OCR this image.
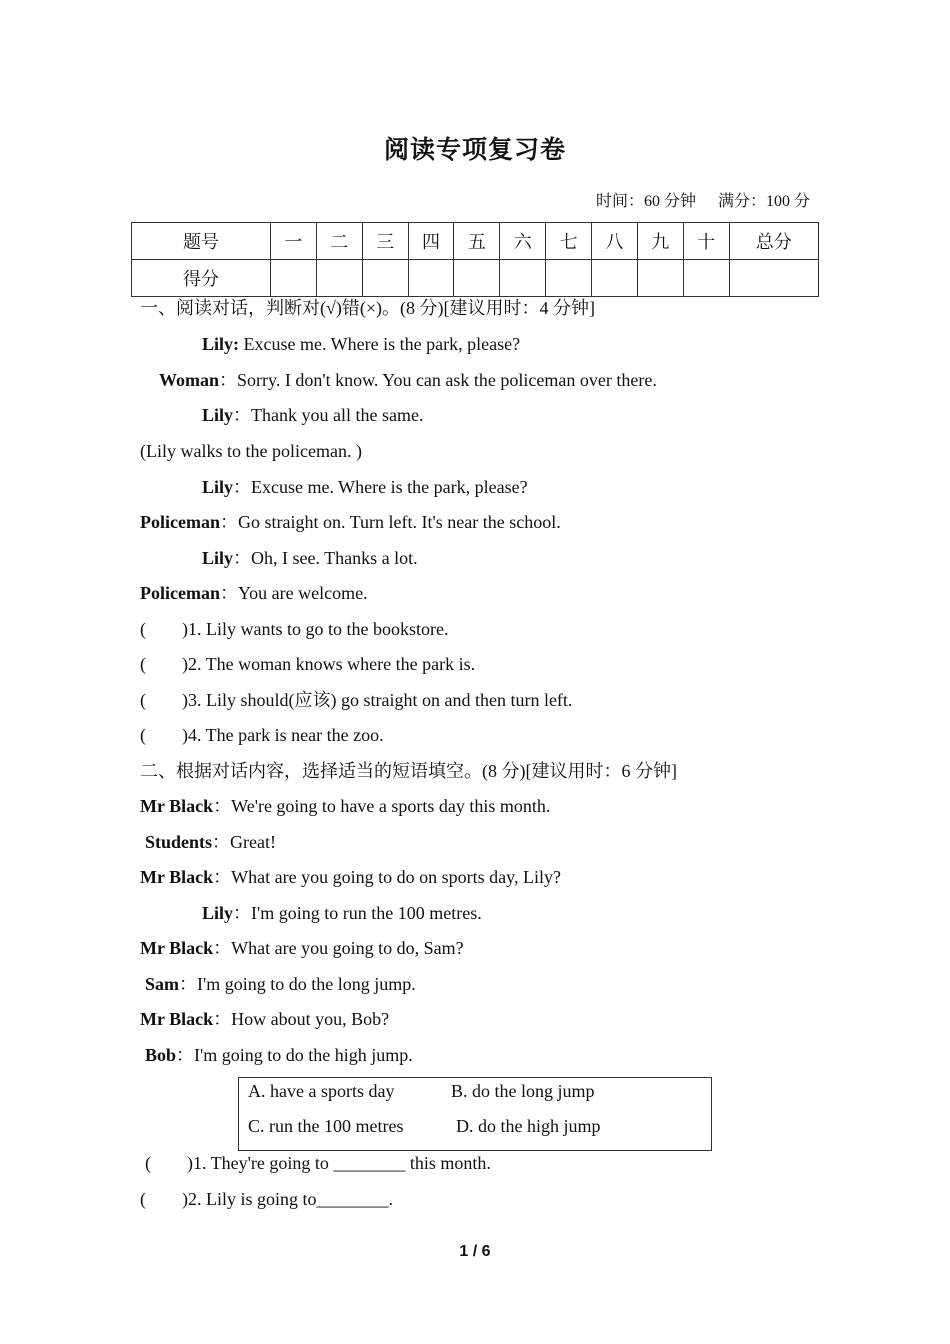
阅读专项复习卷
时间：60 分钟 满分：100 分
题号	一	二	三	四	五	六	七	八	九	十	总分
得分											
一、阅读对话，判断对(√)错(×)。(8 分)[建议用时：4 分钟]
Lily: Excuse me. Where is the park, please?
Woman：Sorry. I don't know. You can ask the policeman over there.
Lily：Thank you all the same.
(Lily walks to the policeman. )
Lily：Excuse me. Where is the park, please?
Policeman：Go straight on. Turn left. It's near the school.
Lily：Oh, I see. Thanks a lot.
Policeman：You are welcome.
(        )1. Lily wants to go to the bookstore.
(        )2. The woman knows where the park is.
(        )3. Lily should(应该) go straight on and then turn left.
(        )4. The park is near the zoo.
二、根据对话内容，选择适当的短语填空。(8 分)[建议用时：6 分钟]
Mr Black：We're going to have a sports day this month.
Students：Great!
Mr Black：What are you going to do on sports day, Lily?
Lily：I'm going to run the 100 metres.
Mr Black：What are you going to do, Sam?
Sam：I'm going to do the long jump.
Mr Black：How about you, Bob?
Bob：I'm going to do the high jump.
A. have a sports day	B. do the long jump
C. run the 100 metres	D. do the high jump
(        )1. They're going to ________ this month.
(        )2. Lily is going to________.
1 / 6
